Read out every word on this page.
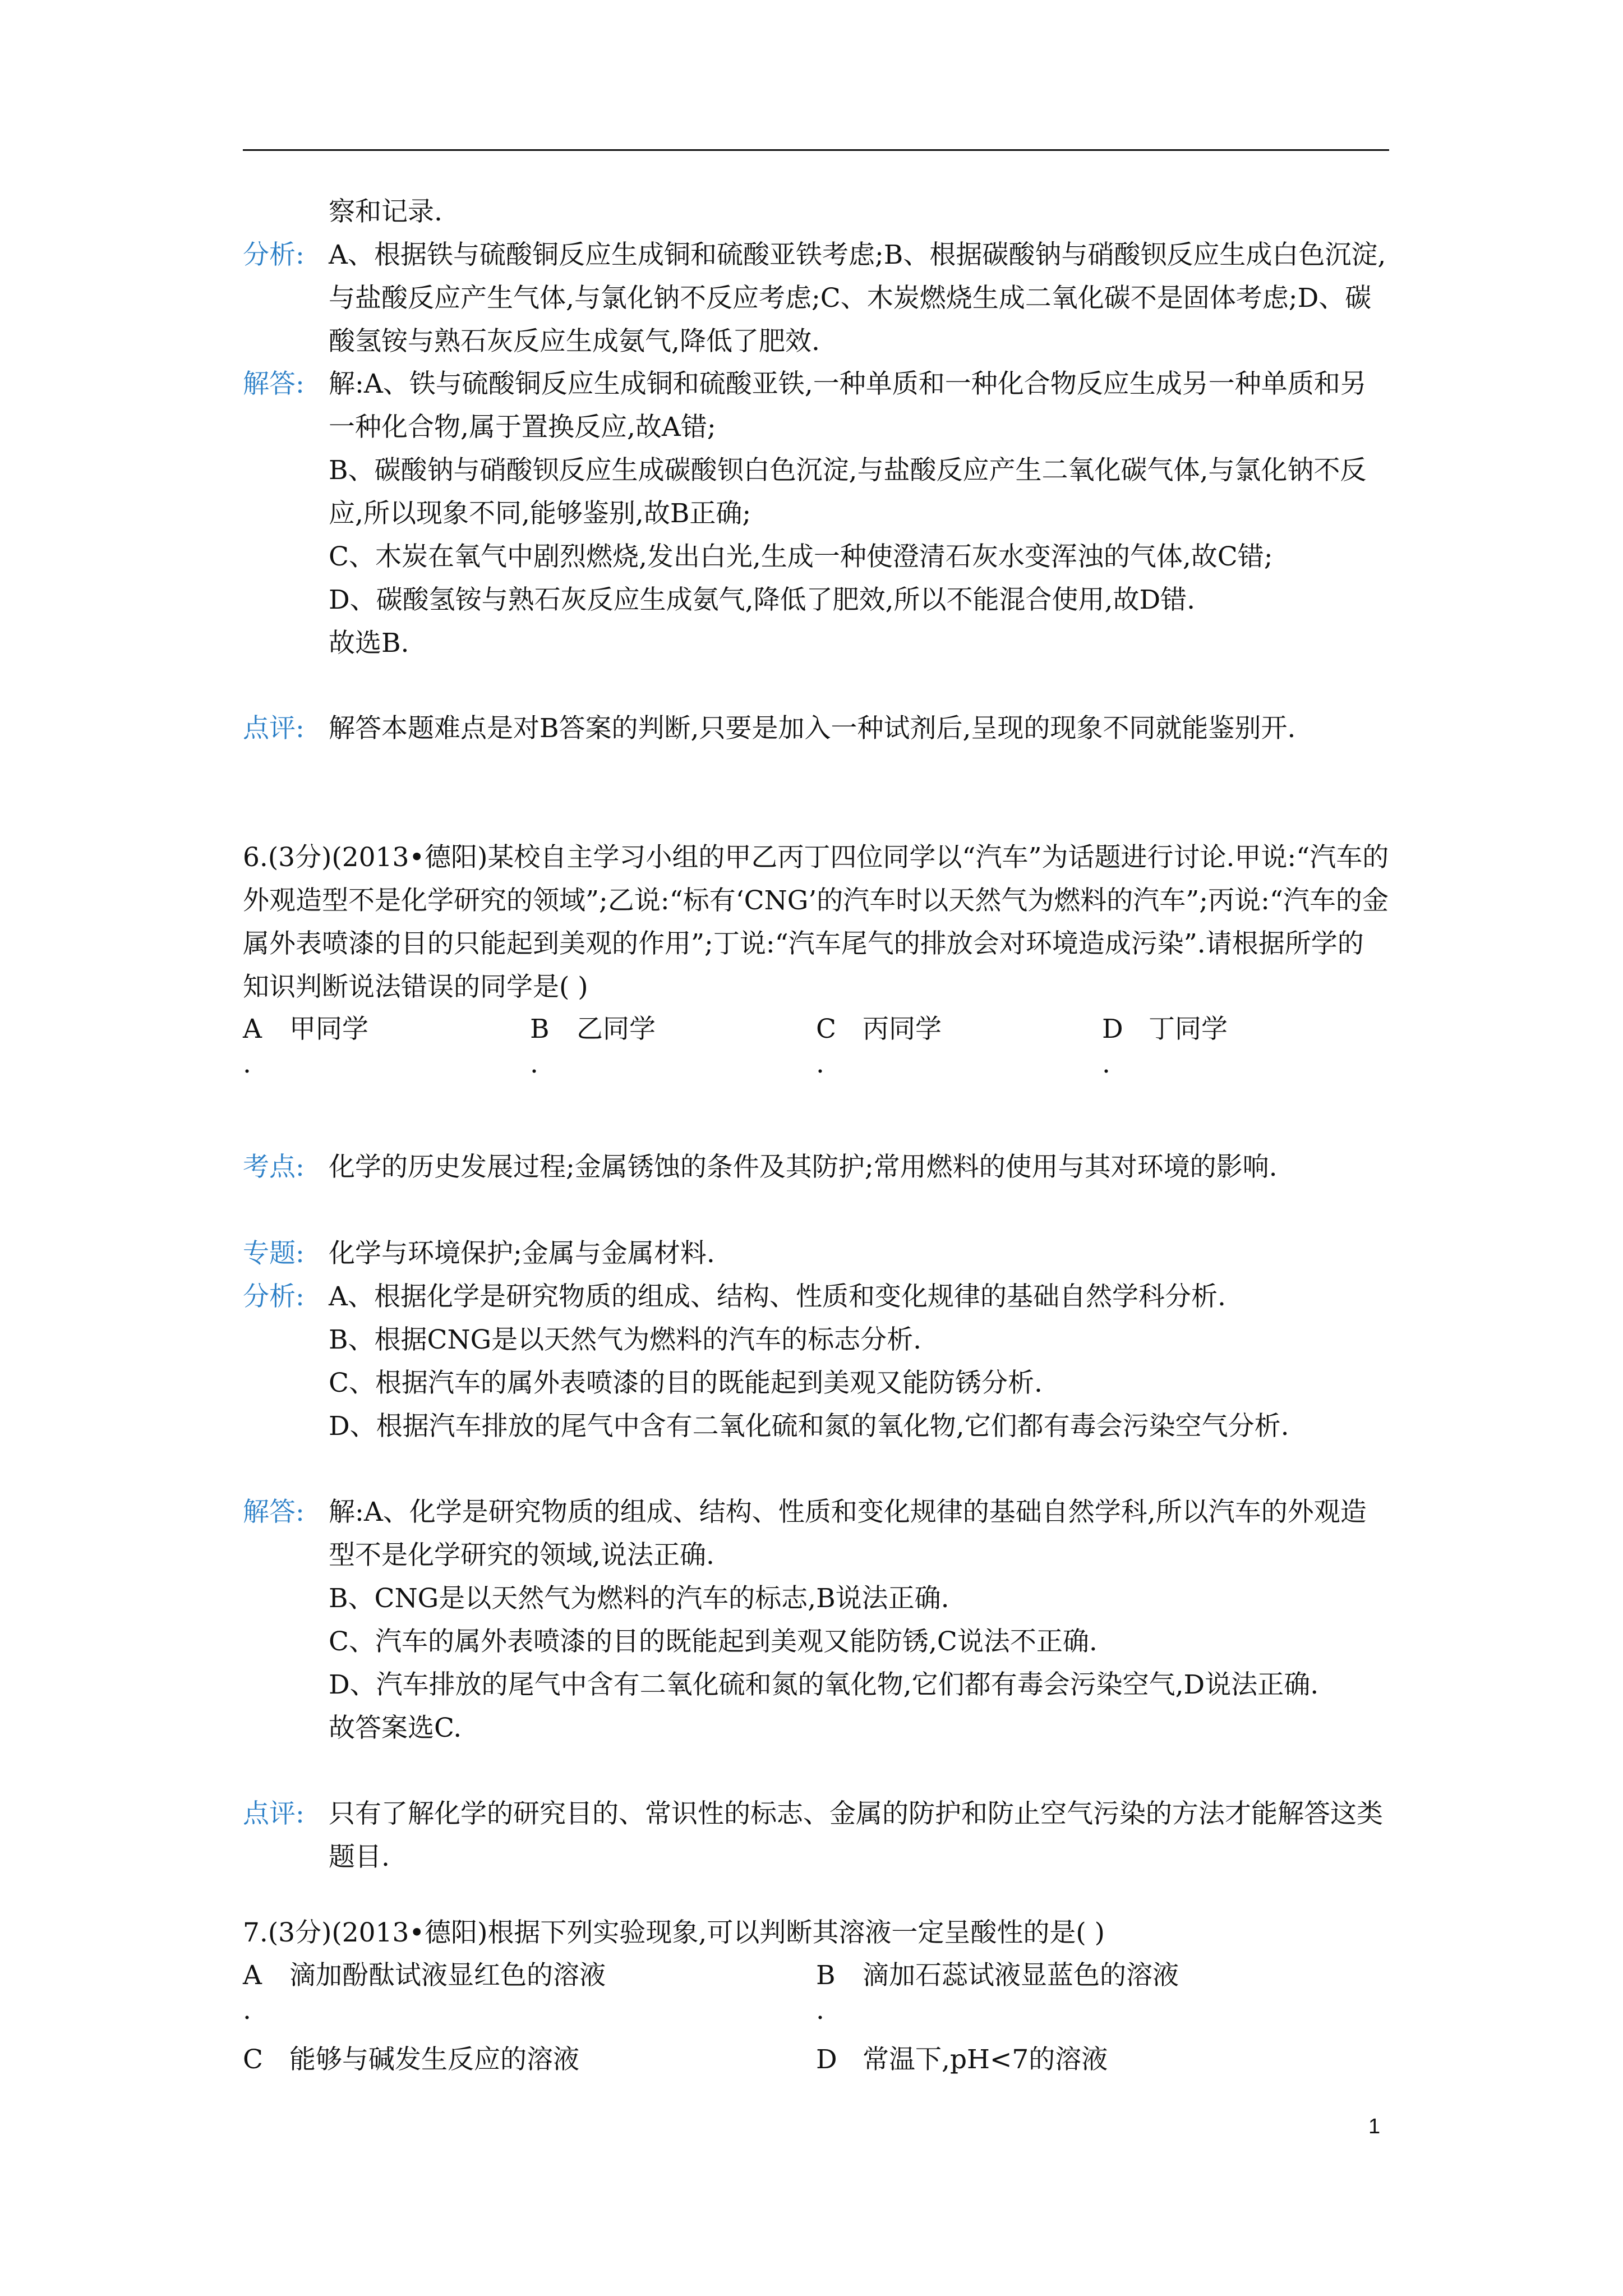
察和记录.
分析: A、根据铁与硫酸铜反应生成铜和硫酸亚铁考虑;B、根据碳酸钠与硝酸钡反应生成白色沉淀,与盐酸反应产生气体,与氯化钠不反应考虑;C、木炭燃烧生成二氧化碳不是固体考虑;D、碳酸氢铵与熟石灰反应生成氨气,降低了肥效.
解答: 解:A、铁与硫酸铜反应生成铜和硫酸亚铁,一种单质和一种化合物反应生成另一种单质和另一种化合物,属于置换反应,故A错;

B、碳酸钠与硝酸钡反应生成碳酸钡白色沉淀,与盐酸反应产生二氧化碳气体,与氯化钠不反应,所以现象不同,能够鉴别,故B正确;

C、木炭在氧气中剧烈燃烧,发出白光,生成一种使澄清石灰水变浑浊的气体,故C错;

D、碳酸氢铵与熟石灰反应生成氨气,降低了肥效,所以不能混合使用,故D错.

故选B.

点评: 解答本题难点是对B答案的判断,只要是加入一种试剂后,呈现的现象不同就能鉴别开.
6.(3分)(2013•德阳)某校自主学习小组的甲乙丙丁四位同学以“汽车”为话题进行讨论.甲说:“汽车的外观造型不是化学研究的领域”;乙说:“标有‘CNG’的汽车时以天然气为燃料的汽车”;丙说:“汽车的金属外表喷漆的目的只能起到美观的作用”;丁说:“汽车尾气的排放会对环境造成污染”.请根据所学的知识判断说法错误的同学是( )
A 甲同学	B 乙同学	C 丙同学	D 丁同学
.	.	.	.
考点: 化学的历史发展过程;金属锈蚀的条件及其防护;常用燃料的使用与其对环境的影响.
专题: 化学与环境保护;金属与金属材料.
分析: A、根据化学是研究物质的组成、结构、性质和变化规律的基础自然学科分析.

B、根据CNG是以天然气为燃料的汽车的标志分析.

C、根据汽车的属外表喷漆的目的既能起到美观又能防锈分析.

D、根据汽车排放的尾气中含有二氧化硫和氮的氧化物,它们都有毒会污染空气分析.

解答: 解:A、化学是研究物质的组成、结构、性质和变化规律的基础自然学科,所以汽车的外观造型不是化学研究的领域,说法正确.

B、CNG是以天然气为燃料的汽车的标志,B说法正确.

C、汽车的属外表喷漆的目的既能起到美观又能防锈,C说法不正确.

D、汽车排放的尾气中含有二氧化硫和氮的氧化物,它们都有毒会污染空气,D说法正确.

故答案选C.

点评: 只有了解化学的研究目的、常识性的标志、金属的防护和防止空气污染的方法才能解答这类题目.
7.(3分)(2013•德阳)根据下列实验现象,可以判断其溶液一定呈酸性的是( )
A 滴加酚酞试液显红色的溶液	B 滴加石蕊试液显蓝色的溶液
.	.
C 能够与碱发生反应的溶液	D 常温下,pH<7的溶液
1
